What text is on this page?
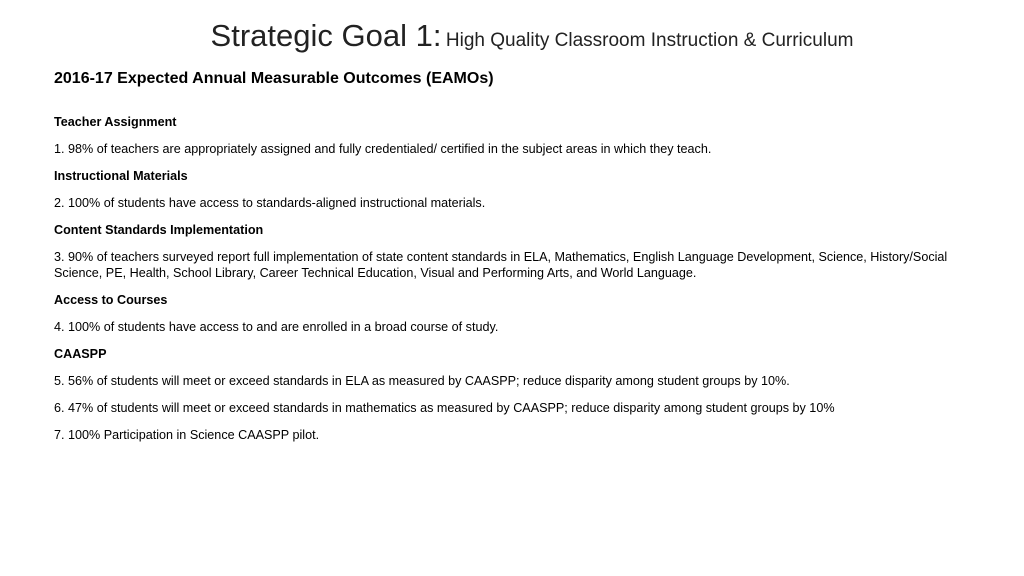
Strategic Goal 1: High Quality Classroom Instruction & Curriculum
2016-17 Expected Annual Measurable Outcomes (EAMOs)
Teacher Assignment
1. 98% of teachers are appropriately assigned and fully credentialed/ certified in the subject areas in which they teach.
Instructional Materials
2. 100% of students have access to standards-aligned instructional materials.
Content Standards Implementation
3. 90% of teachers surveyed report full implementation of state content standards in ELA, Mathematics, English Language Development, Science, History/Social Science, PE, Health, School Library, Career Technical Education, Visual and Performing Arts, and World Language.
Access to Courses
4. 100% of students have access to and are enrolled in a broad course of study.
CAASPP
5. 56% of students will meet or exceed standards in ELA as measured by CAASPP; reduce disparity among student groups by 10%.
6. 47% of students will meet or exceed standards in mathematics as measured by CAASPP; reduce disparity among student groups by 10%
7. 100% Participation in Science CAASPP pilot.
